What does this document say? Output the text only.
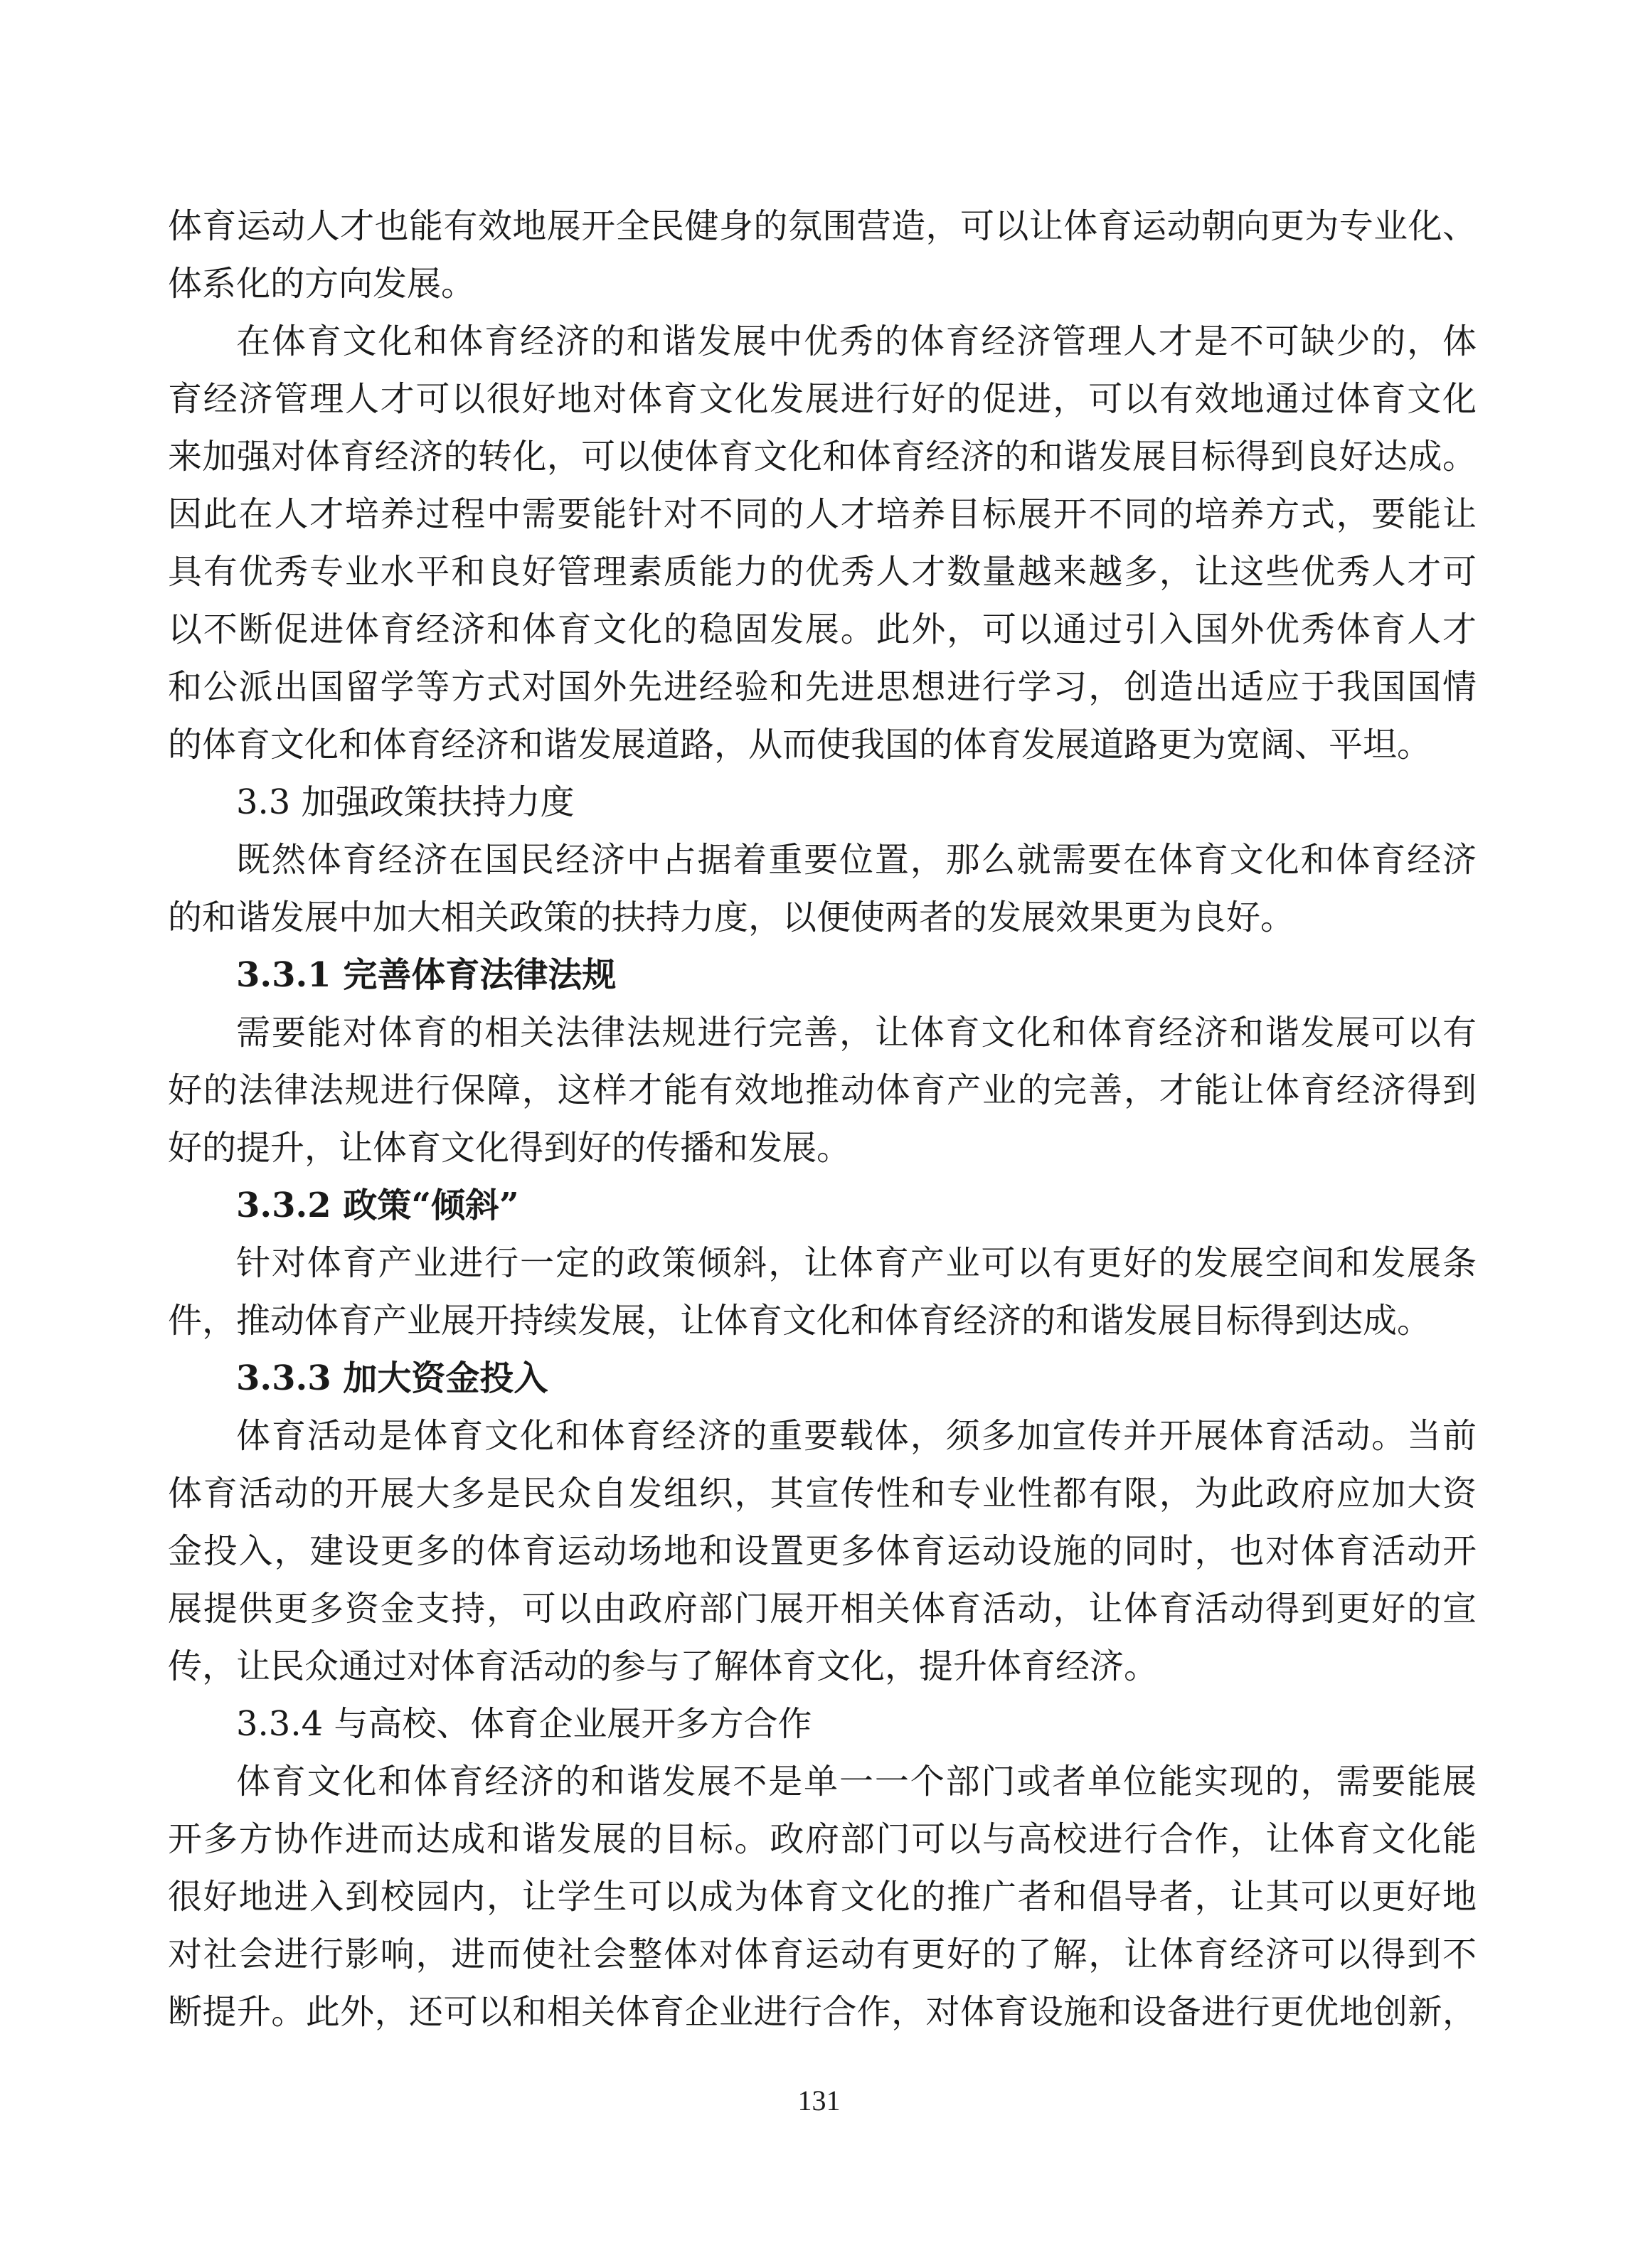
体育运动人才也能有效地展开全民健身的氛围营造，可以让体育运动朝向更为专业化、
体系化的方向发展。
在体育文化和体育经济的和谐发展中优秀的体育经济管理人才是不可缺少的，体
育经济管理人才可以很好地对体育文化发展进行好的促进，可以有效地通过体育文化
来加强对体育经济的转化，可以使体育文化和体育经济的和谐发展目标得到良好达成。
因此在人才培养过程中需要能针对不同的人才培养目标展开不同的培养方式，要能让
具有优秀专业水平和良好管理素质能力的优秀人才数量越来越多，让这些优秀人才可
以不断促进体育经济和体育文化的稳固发展。此外，可以通过引入国外优秀体育人才
和公派出国留学等方式对国外先进经验和先进思想进行学习，创造出适应于我国国情
的体育文化和体育经济和谐发展道路，从而使我国的体育发展道路更为宽阔、平坦。
3.3 加强政策扶持力度
既然体育经济在国民经济中占据着重要位置，那么就需要在体育文化和体育经济
的和谐发展中加大相关政策的扶持力度，以便使两者的发展效果更为良好。
3.3.1 完善体育法律法规
需要能对体育的相关法律法规进行完善，让体育文化和体育经济和谐发展可以有
好的法律法规进行保障，这样才能有效地推动体育产业的完善，才能让体育经济得到
好的提升，让体育文化得到好的传播和发展。
3.3.2 政策“倾斜”
针对体育产业进行一定的政策倾斜，让体育产业可以有更好的发展空间和发展条
件，推动体育产业展开持续发展，让体育文化和体育经济的和谐发展目标得到达成。
3.3.3 加大资金投入
体育活动是体育文化和体育经济的重要载体，须多加宣传并开展体育活动。当前
体育活动的开展大多是民众自发组织，其宣传性和专业性都有限，为此政府应加大资
金投入，建设更多的体育运动场地和设置更多体育运动设施的同时，也对体育活动开
展提供更多资金支持，可以由政府部门展开相关体育活动，让体育活动得到更好的宣
传，让民众通过对体育活动的参与了解体育文化，提升体育经济。
3.3.4 与高校、体育企业展开多方合作
体育文化和体育经济的和谐发展不是单一一个部门或者单位能实现的，需要能展
开多方协作进而达成和谐发展的目标。政府部门可以与高校进行合作，让体育文化能
很好地进入到校园内，让学生可以成为体育文化的推广者和倡导者，让其可以更好地
对社会进行影响，进而使社会整体对体育运动有更好的了解，让体育经济可以得到不
断提升。此外，还可以和相关体育企业进行合作，对体育设施和设备进行更优地创新，
131
